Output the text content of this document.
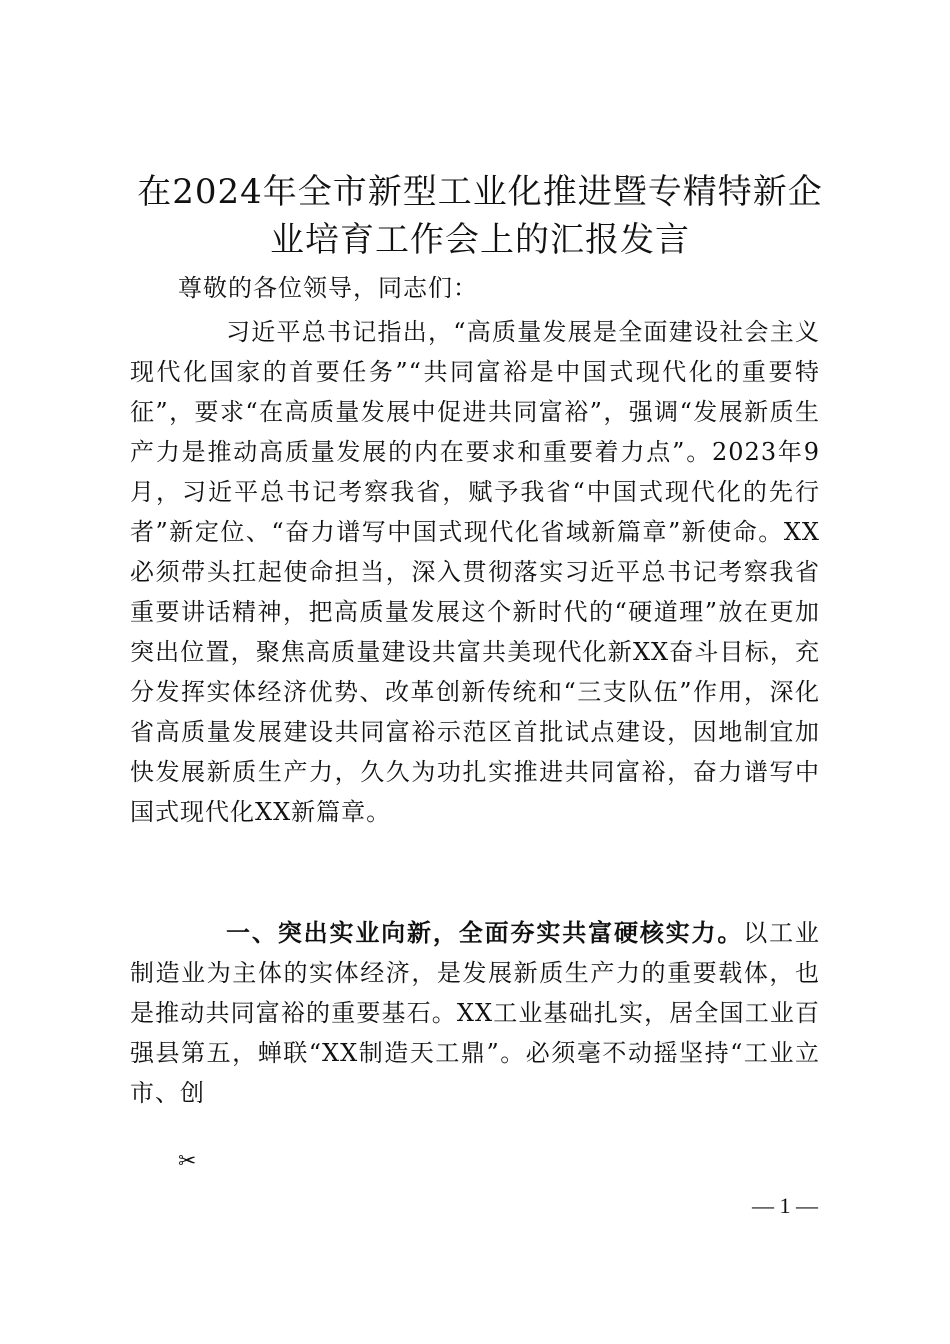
在2024年全市新型工业化推进暨专精特新企业培育工作会上的汇报发言

尊敬的各位领导，同志们：

习近平总书记指出，“高质量发展是全面建设社会主义现代化国家的首要任务”“共同富裕是中国式现代化的重要特征”，要求“在高质量发展中促进共同富裕”，强调“发展新质生产力是推动高质量发展的内在要求和重要着力点”。2023年9月，习近平总书记考察我省，赋予我省“中国式现代化的先行者”新定位、“奋力谱写中国式现代化省域新篇章”新使命。XX必须带头扛起使命担当，深入贯彻落实习近平总书记考察我省重要讲话精神，把高质量发展这个新时代的“硬道理”放在更加突出位置，聚焦高质量建设共富共美现代化新XX奋斗目标，充分发挥实体经济优势、改革创新传统和“三支队伍”作用，深化省高质量发展建设共同富裕示范区首批试点建设，因地制宜加快发展新质生产力，久久为功扎实推进共同富裕，奋力谱写中国式现代化XX新篇章。

一、突出实业向新，全面夯实共富硬核实力。以工业制造业为主体的实体经济，是发展新质生产力的重要载体，也是推动共同富裕的重要基石。XX工业基础扎实，居全国工业百强县第五，蝉联“XX制造天工鼎”。必须毫不动摇坚持“工业立市、创

✂
— 1 —
